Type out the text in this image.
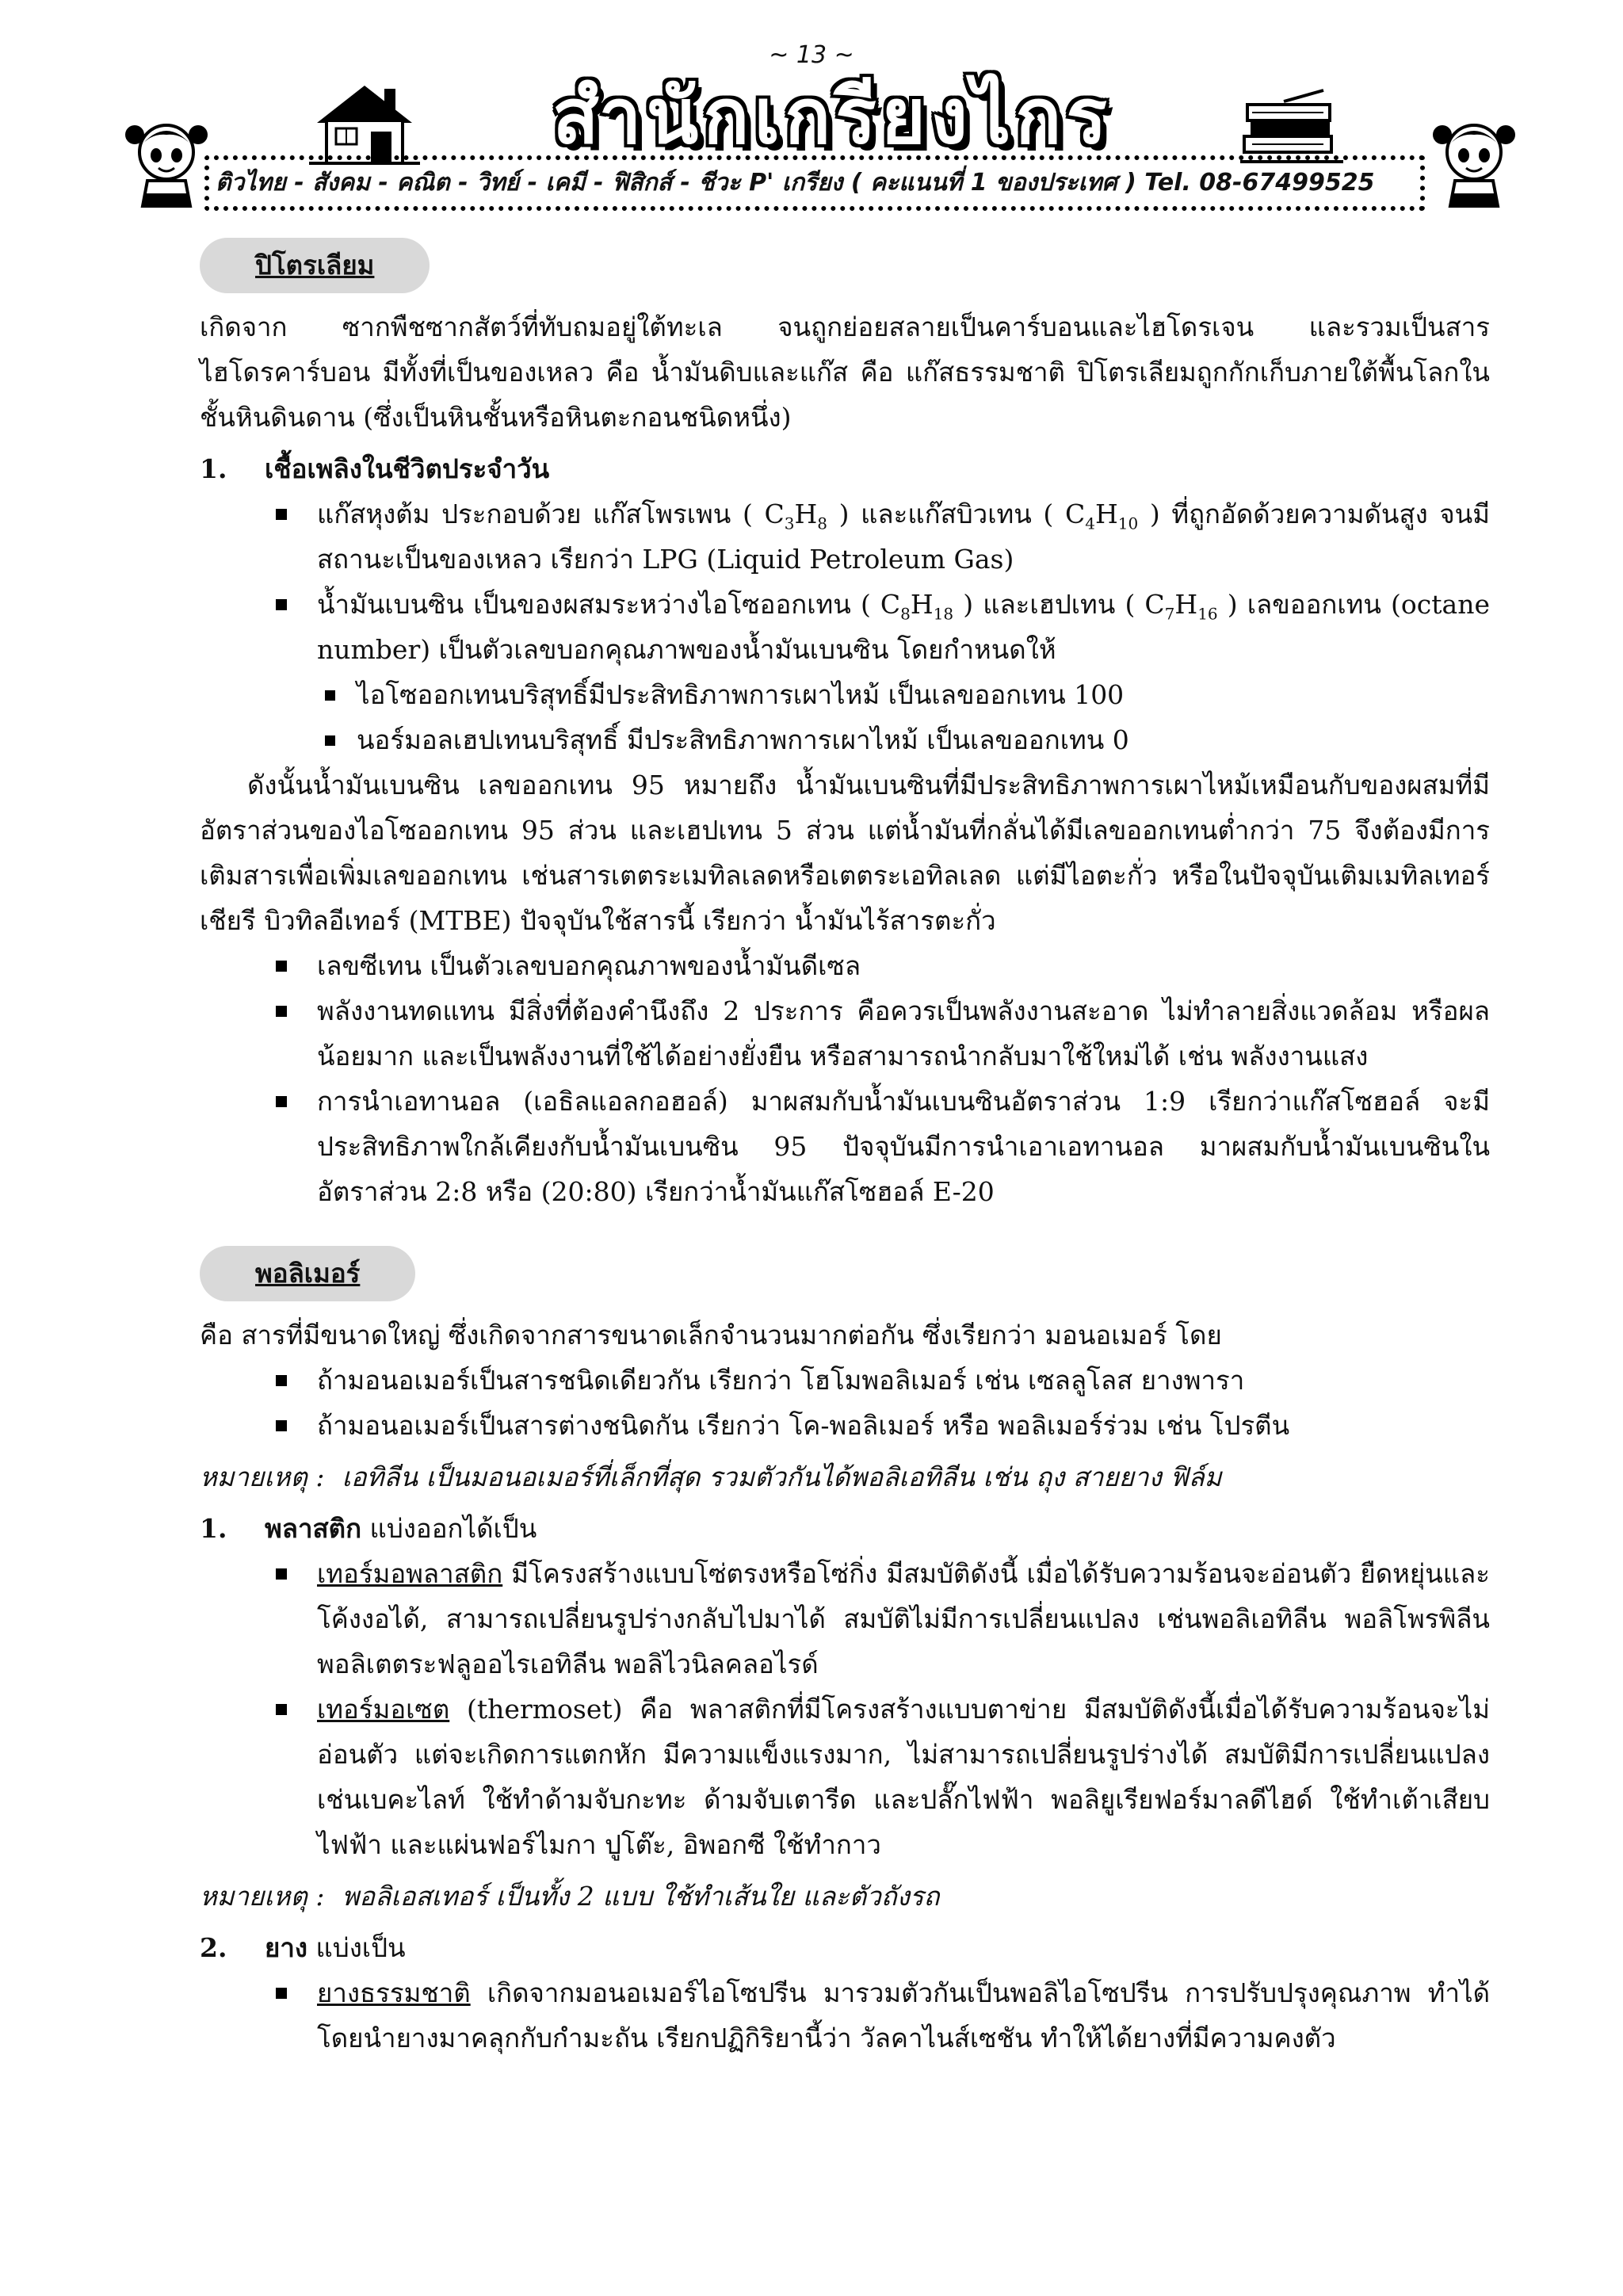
~ 13 ~
สำนักเกรียงไกร
ติวไทย - สังคม - คณิต - วิทย์ - เคมี - ฟิสิกส์ - ชีวะ P' เกรียง ( คะแนนที่ 1 ของประเทศ ) Tel. 08-67499525
ปิโตรเลียม

เกิดจาก ซากพืชซากสัตว์ที่ทับถมอยู่ใต้ทะเล จนถูกย่อยสลายเป็นคาร์บอนและไฮโดรเจน และรวมเป็นสารไฮโดรคาร์บอน มีทั้งที่เป็นของเหลว คือ น้ำมันดิบและแก๊ส คือ แก๊สธรรมชาติ ปิโตรเลียมถูกกักเก็บภายใต้พื้นโลกในชั้นหินดินดาน (ซึ่งเป็นหินชั้นหรือหินตะกอนชนิดหนึ่ง)

1.	เชื้อเพลิงในชีวิตประจำวัน
แก๊สหุงต้ม ประกอบด้วย แก๊สโพรเพน ( $C_3H_8$ ) และแก๊สบิวเทน ( $C_4H_{10}$ ) ที่ถูกอัดด้วยความดันสูง จนมีสถานะเป็นของเหลว เรียกว่า LPG (Liquid Petroleum Gas)
น้ำมันเบนซิน เป็นของผสมระหว่างไอโซออกเทน ( $C_8H_{18}$ ) และเฮปเทน ( $C_7H_{16}$ ) เลขออกเทน (octane number) เป็นตัวเลขบอกคุณภาพของน้ำมันเบนซิน โดยกำหนดให้
ไอโซออกเทนบริสุทธิ์มีประสิทธิภาพการเผาไหม้ เป็นเลขออกเทน 100
นอร์มอลเฮปเทนบริสุทธิ์ มีประสิทธิภาพการเผาไหม้ เป็นเลขออกเทน 0

ดังนั้นน้ำมันเบนซิน เลขออกเทน 95 หมายถึง น้ำมันเบนซินที่มีประสิทธิภาพการเผาไหม้เหมือนกับของผสมที่มีอัตราส่วนของไอโซออกเทน 95 ส่วน และเฮปเทน 5 ส่วน แต่น้ำมันที่กลั่นได้มีเลขออกเทนต่ำกว่า 75 จึงต้องมีการเติมสารเพื่อเพิ่มเลขออกเทน เช่นสารเตตระเมทิลเลดหรือเตตระเอทิลเลด แต่มีไอตะกั่ว หรือในปัจจุบันเติมเมทิลเทอร์เชียรี บิวทิลอีเทอร์ (MTBE) ปัจจุบันใช้สารนี้ เรียกว่า น้ำมันไร้สารตะกั่ว

เลขซีเทน เป็นตัวเลขบอกคุณภาพของน้ำมันดีเซล
พลังงานทดแทน มีสิ่งที่ต้องคำนึงถึง 2 ประการ คือควรเป็นพลังงานสะอาด ไม่ทำลายสิ่งแวดล้อม หรือผลน้อยมาก และเป็นพลังงานที่ใช้ได้อย่างยั่งยืน หรือสามารถนำกลับมาใช้ใหม่ได้ เช่น พลังงานแสง
การนำเอทานอล (เอธิลแอลกอฮอล์) มาผสมกับน้ำมันเบนซินอัตราส่วน 1:9 เรียกว่าแก๊สโซฮอล์ จะมีประสิทธิภาพใกล้เคียงกับน้ำมันเบนซิน 95 ปัจจุบันมีการนำเอาเอทานอล มาผสมกับน้ำมันเบนซินในอัตราส่วน 2:8 หรือ (20:80) เรียกว่าน้ำมันแก๊สโซฮอล์ E-20
พอลิเมอร์

คือ สารที่มีขนาดใหญ่ ซึ่งเกิดจากสารขนาดเล็กจำนวนมากต่อกัน ซึ่งเรียกว่า มอนอเมอร์ โดย

ถ้ามอนอเมอร์เป็นสารชนิดเดียวกัน เรียกว่า โฮโมพอลิเมอร์ เช่น เซลลูโลส ยางพารา
ถ้ามอนอเมอร์เป็นสารต่างชนิดกัน เรียกว่า โค-พอลิเมอร์ หรือ พอลิเมอร์ร่วม เช่น โปรตีน
หมายเหตุ : เอทิลีน เป็นมอนอเมอร์ที่เล็กที่สุด รวมตัวกันได้พอลิเอทิลีน เช่น ถุง สายยาง ฟิล์ม
1.	พลาสติก แบ่งออกได้เป็น
เทอร์มอพลาสติก มีโครงสร้างแบบโซ่ตรงหรือโซ่กิ่ง มีสมบัติดังนี้ เมื่อได้รับความร้อนจะอ่อนตัว ยืดหยุ่นและโค้งงอได้, สามารถเปลี่ยนรูปร่างกลับไปมาได้ สมบัติไม่มีการเปลี่ยนแปลง เช่นพอลิเอทิลีน พอลิโพรพิลีน พอลิเตตระฟลูออไรเอทิลีน พอลิไวนิลคลอไรด์
เทอร์มอเซต (thermoset) คือ พลาสติกที่มีโครงสร้างแบบตาข่าย มีสมบัติดังนี้เมื่อได้รับความร้อนจะไม่อ่อนตัว แต่จะเกิดการแตกหัก มีความแข็งแรงมาก, ไม่สามารถเปลี่ยนรูปร่างได้ สมบัติมีการเปลี่ยนแปลงเช่นเบคะไลท์ ใช้ทำด้ามจับกะทะ ด้ามจับเตารีด และปลั๊กไฟฟ้า พอลิยูเรียฟอร์มาลดีไฮด์ ใช้ทำเต้าเสียบไฟฟ้า และแผ่นฟอร์ไมกา ปูโต๊ะ, อิพอกซี ใช้ทำกาว
หมายเหตุ : พอลิเอสเทอร์ เป็นทั้ง 2 แบบ ใช้ทำเส้นใย และตัวถังรถ
2.	ยาง แบ่งเป็น
ยางธรรมชาติ เกิดจากมอนอเมอร์ไอโซปรีน มารวมตัวกันเป็นพอลิไอโซปรีน การปรับปรุงคุณภาพ ทำได้โดยนำยางมาคลุกกับกำมะถัน เรียกปฏิกิริยานี้ว่า วัลคาไนส์เซชัน ทำให้ได้ยางที่มีความคงตัว
